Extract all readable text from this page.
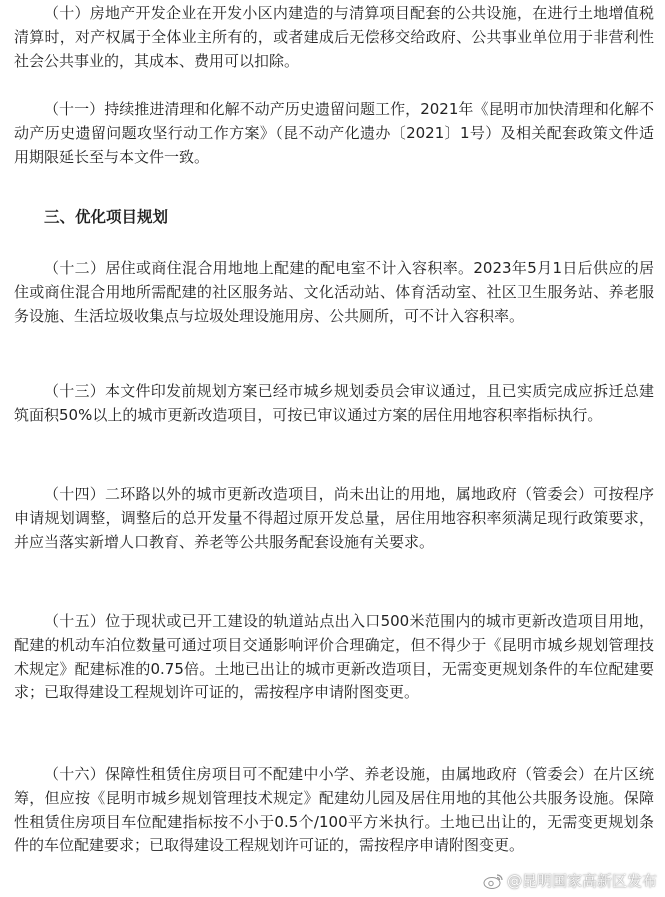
（十）房地产开发企业在开发小区内建造的与清算项目配套的公共设施，在进行土地增值税清算时，对产权属于全体业主所有的，或者建成后无偿移交给政府、公共事业单位用于非营利性社会公共事业的，其成本、费用可以扣除。

（十一）持续推进清理和化解不动产历史遗留问题工作，2021年《昆明市加快清理和化解不动产历史遗留问题攻坚行动工作方案》（昆不动产化遗办〔2021〕1号）及相关配套政策文件适用期限延长至与本文件一致。

三、优化项目规划

（十二）居住或商住混合用地地上配建的配电室不计入容积率。2023年5月1日后供应的居住或商住混合用地所需配建的社区服务站、文化活动站、体育活动室、社区卫生服务站、养老服务设施、生活垃圾收集点与垃圾处理设施用房、公共厕所，可不计入容积率。

（十三）本文件印发前规划方案已经市城乡规划委员会审议通过，且已实质完成应拆迁总建筑面积50%以上的城市更新改造项目，可按已审议通过方案的居住用地容积率指标执行。

（十四）二环路以外的城市更新改造项目，尚未出让的用地，属地政府（管委会）可按程序申请规划调整，调整后的总开发量不得超过原开发总量，居住用地容积率须满足现行政策要求，并应当落实新增人口教育、养老等公共服务配套设施有关要求。

（十五）位于现状或已开工建设的轨道站点出入口500米范围内的城市更新改造项目用地，配建的机动车泊位数量可通过项目交通影响评价合理确定，但不得少于《昆明市城乡规划管理技术规定》配建标准的0.75倍。土地已出让的城市更新改造项目，无需变更规划条件的车位配建要求；已取得建设工程规划许可证的，需按程序申请附图变更。

（十六）保障性租赁住房项目可不配建中小学、养老设施，由属地政府（管委会）在片区统筹，但应按《昆明市城乡规划管理技术规定》配建幼儿园及居住用地的其他公共服务设施。保障性租赁住房项目车位配建指标按不小于0.5个/100平方米执行。土地已出让的，无需变更规划条件的车位配建要求；已取得建设工程规划许可证的，需按程序申请附图变更。

@昆明国家高新区发布
